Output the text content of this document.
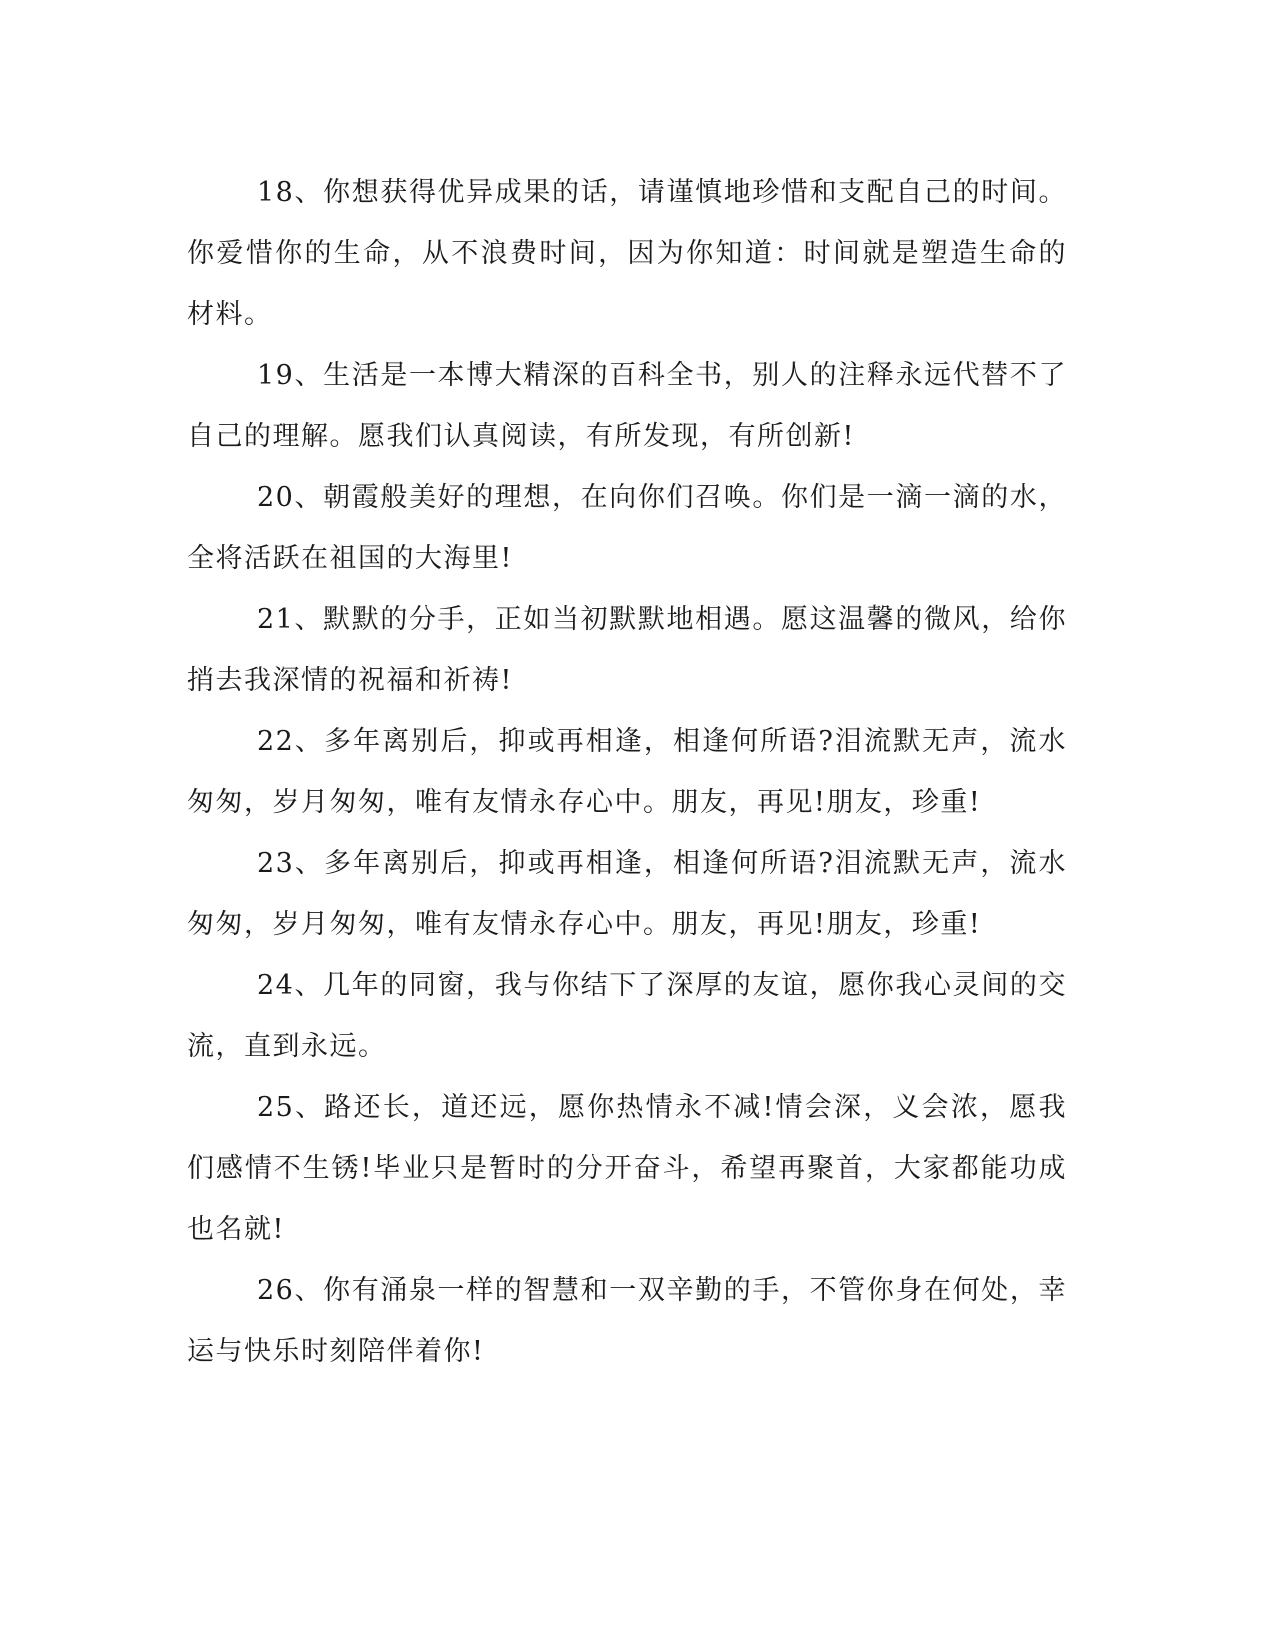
18、你想获得优异成果的话，请谨慎地珍惜和支配自己的时间。你爱惜你的生命，从不浪费时间，因为你知道：时间就是塑造生命的材料。

19、生活是一本博大精深的百科全书，别人的注释永远代替不了自己的理解。愿我们认真阅读，有所发现，有所创新!

20、朝霞般美好的理想，在向你们召唤。你们是一滴一滴的水，全将活跃在祖国的大海里!

21、默默的分手，正如当初默默地相遇。愿这温馨的微风，给你捎去我深情的祝福和祈祷!

22、多年离别后，抑或再相逢，相逢何所语?泪流默无声，流水匆匆，岁月匆匆，唯有友情永存心中。朋友，再见!朋友，珍重!

23、多年离别后，抑或再相逢，相逢何所语?泪流默无声，流水匆匆，岁月匆匆，唯有友情永存心中。朋友，再见!朋友，珍重!

24、几年的同窗，我与你结下了深厚的友谊，愿你我心灵间的交流，直到永远。

25、路还长，道还远，愿你热情永不减!情会深，义会浓，愿我们感情不生锈!毕业只是暂时的分开奋斗，希望再聚首，大家都能功成也名就!

26、你有涌泉一样的智慧和一双辛勤的手，不管你身在何处，幸运与快乐时刻陪伴着你!
